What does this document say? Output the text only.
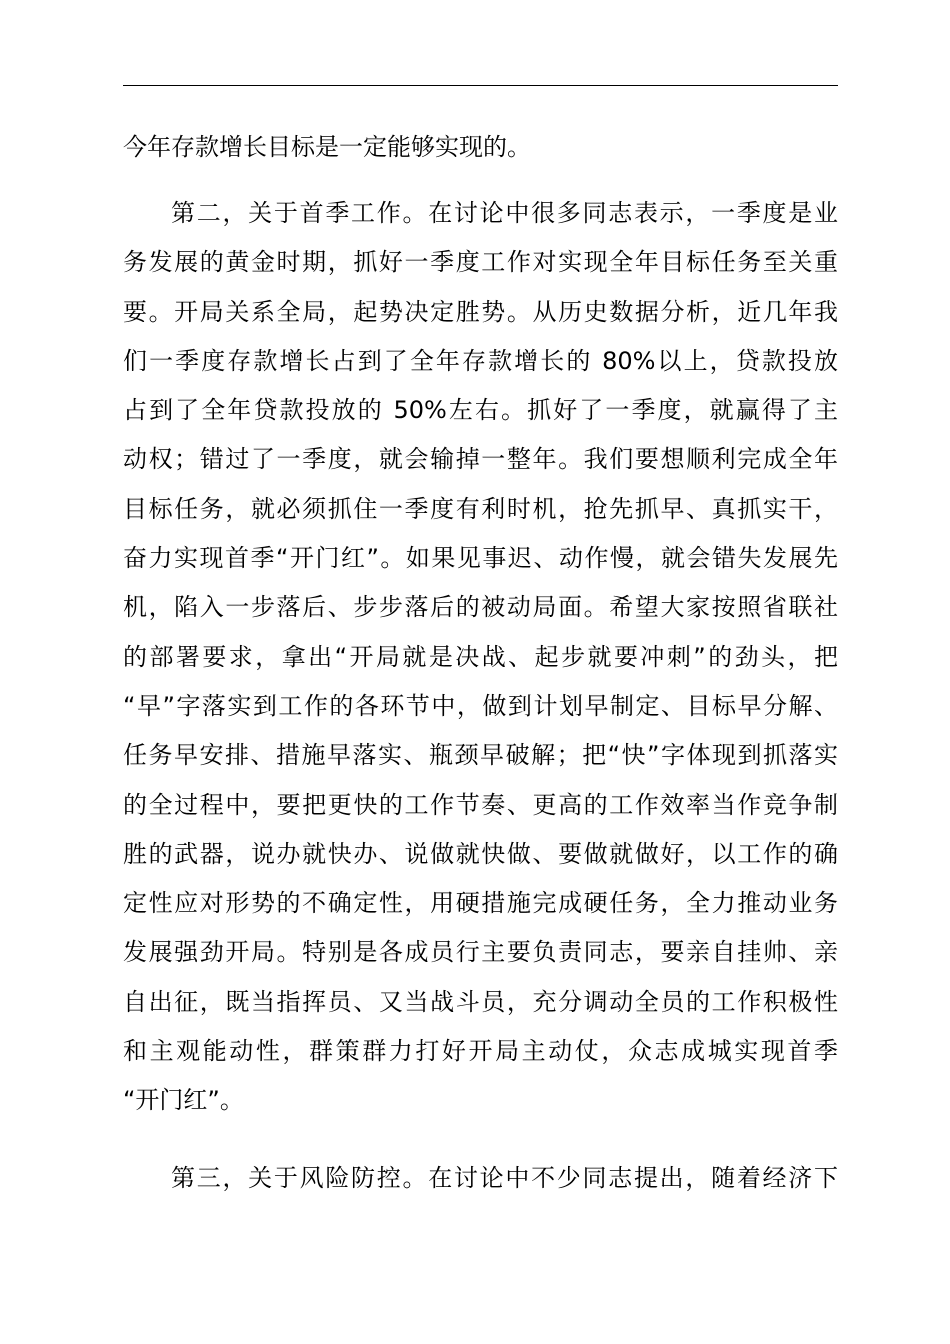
今年存款增长目标是一定能够实现的。
第二，关于首季工作。在讨论中很多同志表示，一季度是业
务发展的黄金时期，抓好一季度工作对实现全年目标任务至关重
要。开局关系全局，起势决定胜势。从历史数据分析，近几年我
们一季度存款增长占到了全年存款增长的 80%以上，贷款投放
占到了全年贷款投放的 50%左右。抓好了一季度，就赢得了主
动权；错过了一季度，就会输掉一整年。我们要想顺利完成全年
目标任务，就必须抓住一季度有利时机，抢先抓早、真抓实干，
奋力实现首季“开门红”。如果见事迟、动作慢，就会错失发展先
机，陷入一步落后、步步落后的被动局面。希望大家按照省联社
的部署要求，拿出“开局就是决战、起步就要冲刺”的劲头，把
“早”字落实到工作的各环节中，做到计划早制定、目标早分解、
任务早安排、措施早落实、瓶颈早破解；把“快”字体现到抓落实
的全过程中，要把更快的工作节奏、更高的工作效率当作竞争制
胜的武器，说办就快办、说做就快做、要做就做好，以工作的确
定性应对形势的不确定性，用硬措施完成硬任务，全力推动业务
发展强劲开局。特别是各成员行主要负责同志，要亲自挂帅、亲
自出征，既当指挥员、又当战斗员，充分调动全员的工作积极性
和主观能动性，群策群力打好开局主动仗，众志成城实现首季
“开门红”。
第三，关于风险防控。在讨论中不少同志提出，随着经济下
